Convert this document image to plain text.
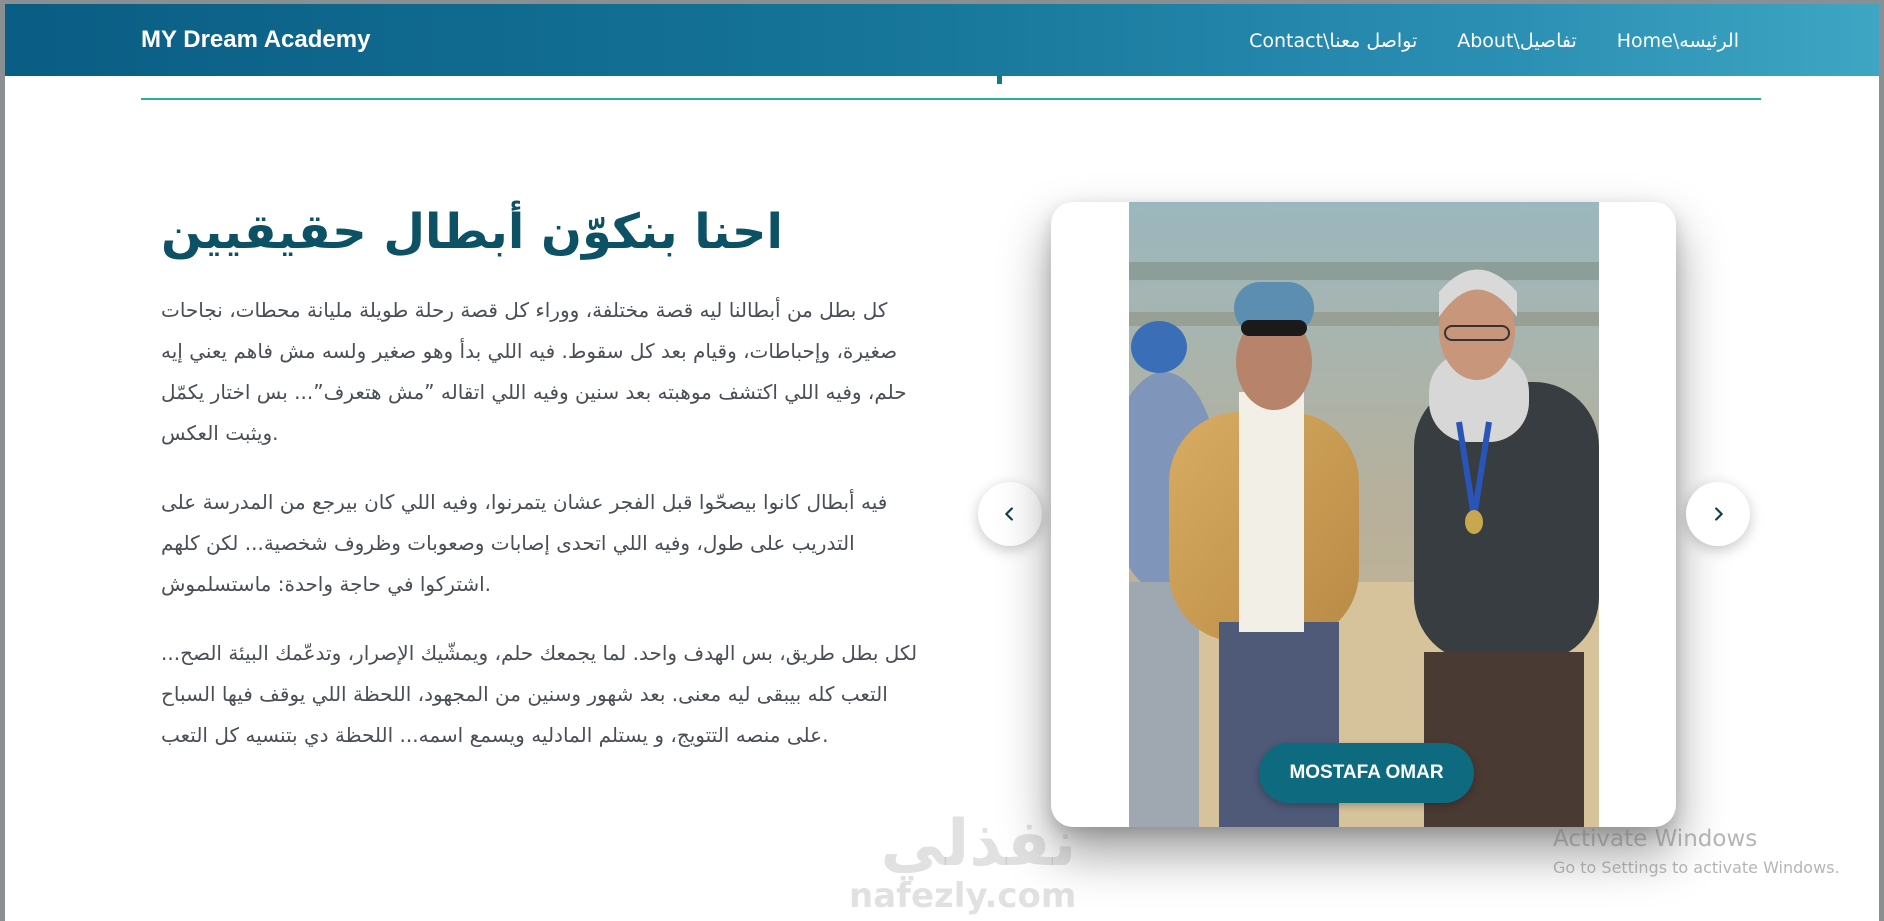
MY Dream Academy	Contact\تواصل معنا About\تفاصيل Home\الرئيسه
احنا بنكوّن أبطال حقيقيين

كل بطل من أبطالنا ليه قصة مختلفة، ووراء كل قصة رحلة طويلة مليانة محطات، نجاحات صغيرة، وإحباطات، وقيام بعد كل سقوط. فيه اللي بدأ وهو صغير ولسه مش فاهم يعني إيه حلم، وفيه اللي اكتشف موهبته بعد سنين وفيه اللي اتقاله ”مش هتعرف”... بس اختار يكمّل ويثبت العكس.

فيه أبطال كانوا بيصحّوا قبل الفجر عشان يتمرنوا، وفيه اللي كان بيرجع من المدرسة على التدريب على طول، وفيه اللي اتحدى إصابات وصعوبات وظروف شخصية... لكن كلهم اشتركوا في حاجة واحدة: ماستسلموش.

لكل بطل طريق، بس الهدف واحد. لما يجمعك حلم، ويمشّيك الإصرار، وتدعّمك البيئة الصح... التعب كله بيبقى ليه معنى. بعد شهور وسنين من المجهود، اللحظة اللي يوقف فيها السباح على منصه التتويج، و يستلم المادليه ويسمع اسمه... اللحظة دي بتنسيه كل التعب.

MOSTAFA OMAR
نفذلي
nafezly.com
Activate Windows
Go to Settings to activate Windows.
